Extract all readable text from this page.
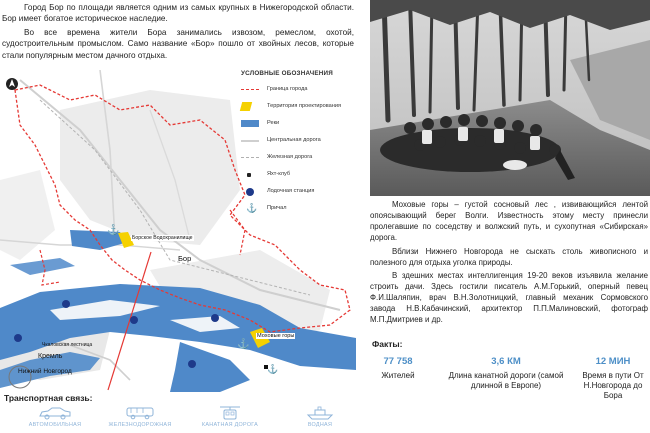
Город Бор по площади является одним из самых крупных в Нижегородской области. Бор имеет богатое историческое наследие.

Во все времена жители Бора занимались извозом, ремеслом, охотой, судостроительным промыслом. Само название «Бор» пошло от хвойных лесов, которые стали популярным местом дачного отдыха.

⚓
⚓
⚓
Борское Водохранилище
Бор
Моховые горы
Чкаловская лестница
Кремль
Нижний Новгород
УСЛОВНЫЕ ОБОЗНАЧЕНИЯ
Граница города
Территория проектирования
Реки
Центральная дорога
Железная дорога
Яхт-клуб
Лодочная станция
⚓ Причал
Транспортная связь:
АВТОМОБИЛЬНАЯ	ЖЕЛЕЗНОДОРОЖНАЯ	КАНАТНАЯ ДОРОГА	ВОДНАЯ

Моховые горы – густой сосновый лес , извивающийся лентой опоясывающий берег Волги. Известность этому месту принесли пролегавшие по соседству и волжский путь, и сухопутная «Сибирская» дорога.

Вблизи Нижнего Новгорода не сыскать столь живописного и полезного для отдыха уголка природы.

В здешних местах интеллигенция 19-20 веков изъявила желание строить дачи. Здесь гостили писатель А.М.Горький, оперный певец Ф.И.Шаляпин, врач В.Н.Золотницкий, главный механик Сормовского завода Н.В.Кабачинский, архитектор П.П.Малиновский, фотограф М.П.Дмитриев и др.

Факты:
77 758
Жителей
3,6 КМ
Длина канатной дороги (самой длинной в Европе)
12 МИН
Время в пути От Н.Новгорода до Бора
